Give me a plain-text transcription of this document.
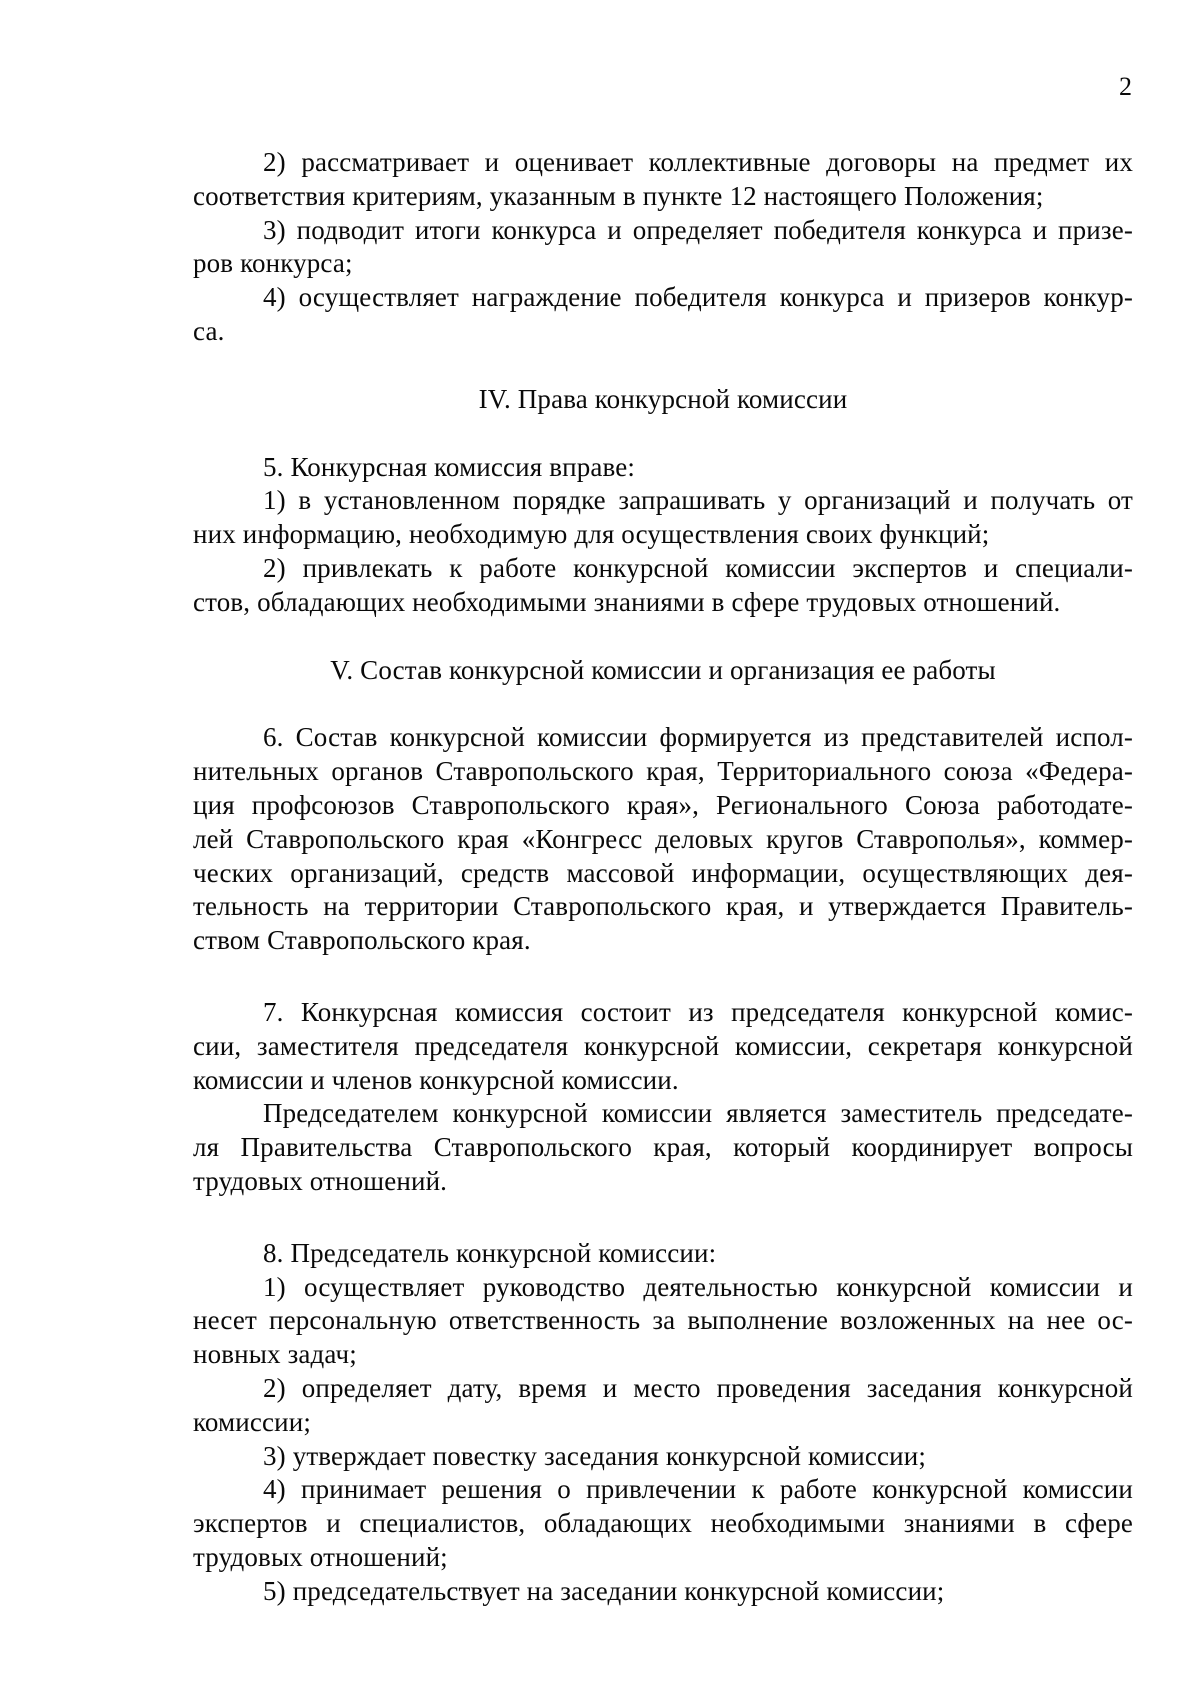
2
2) рассматривает и оценивает коллективные договоры на предмет их
соответствия критериям, указанным в пункте 12 настоящего Положения;
3) подводит итоги конкурса и определяет победителя конкурса и призе-
ров конкурса;
4) осуществляет награждение победителя конкурса и призеров конкур-
са.
IV. Права конкурсной комиссии
5. Конкурсная комиссия вправе:
1) в установленном порядке запрашивать у организаций и получать от
них информацию, необходимую для осуществления своих функций;
2) привлекать к работе конкурсной комиссии экспертов и специали-
стов, обладающих необходимыми знаниями в сфере трудовых отношений.
V. Состав конкурсной комиссии и организация ее работы
6. Состав конкурсной комиссии формируется из представителей испол-
нительных органов Ставропольского края, Территориального союза «Федера-
ция профсоюзов Ставропольского края», Регионального Союза работодате-
лей Ставропольского края «Конгресс деловых кругов Ставрополья», коммер-
ческих организаций, средств массовой информации, осуществляющих дея-
тельность на территории Ставропольского края, и утверждается Правитель-
ством Ставропольского края.
7. Конкурсная комиссия состоит из председателя конкурсной комис-
сии, заместителя председателя конкурсной комиссии, секретаря конкурсной
комиссии и членов конкурсной комиссии.
Председателем конкурсной комиссии является заместитель председате-
ля Правительства Ставропольского края, который координирует вопросы
трудовых отношений.
8. Председатель конкурсной комиссии:
1) осуществляет руководство деятельностью конкурсной комиссии и
несет персональную ответственность за выполнение возложенных на нее ос-
новных задач;
2) определяет дату, время и место проведения заседания конкурсной
комиссии;
3) утверждает повестку заседания конкурсной комиссии;
4) принимает решения о привлечении к работе конкурсной комиссии
экспертов и специалистов, обладающих необходимыми знаниями в сфере
трудовых отношений;
5) председательствует на заседании конкурсной комиссии;
